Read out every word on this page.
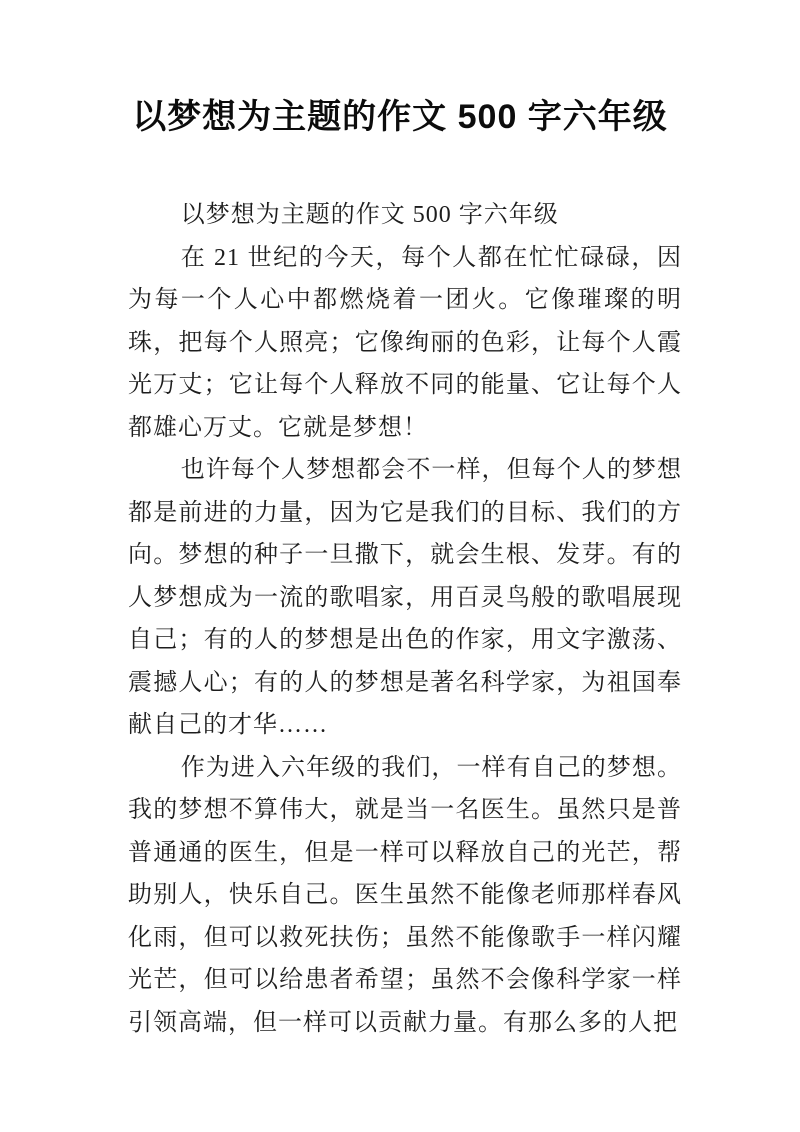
以梦想为主题的作文 500 字六年级

以梦想为主题的作文 500 字六年级

在 21 世纪的今天，每个人都在忙忙碌碌，因为每一个人心中都燃烧着一团火。它像璀璨的明珠，把每个人照亮；它像绚丽的色彩，让每个人霞光万丈；它让每个人释放不同的能量、它让每个人都雄心万丈。它就是梦想！

也许每个人梦想都会不一样，但每个人的梦想都是前进的力量，因为它是我们的目标、我们的方向。梦想的种子一旦撒下，就会生根、发芽。有的人梦想成为一流的歌唱家，用百灵鸟般的歌唱展现自己；有的人的梦想是出色的作家，用文字激荡、震撼人心；有的人的梦想是著名科学家，为祖国奉献自己的才华……

作为进入六年级的我们，一样有自己的梦想。我的梦想不算伟大，就是当一名医生。虽然只是普普通通的医生，但是一样可以释放自己的光芒，帮助别人，快乐自己。医生虽然不能像老师那样春风化雨，但可以救死扶伤；虽然不能像歌手一样闪耀光芒，但可以给患者希望；虽然不会像科学家一样引领高端，但一样可以贡献力量。有那么多的人把
